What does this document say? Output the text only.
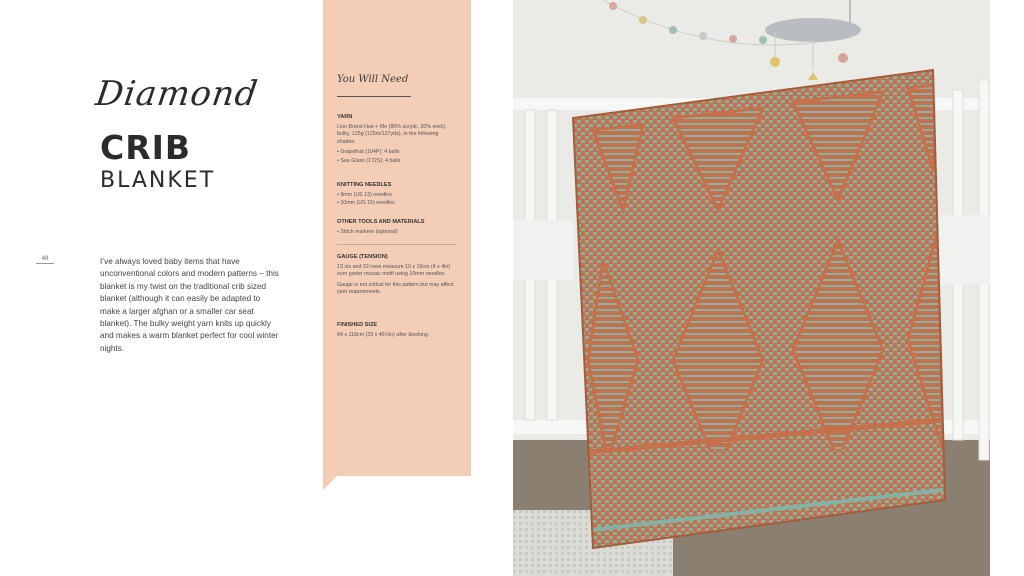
Diamond
CRIB
BLANKET
48	I’ve always loved baby items that have unconventional colors and modern patterns – this blanket is my twist on the traditional crib sized blanket (although it can easily be adapted to make a larger afghan or a smaller car seat blanket). The bulky weight yarn knits up quickly and makes a warm blanket perfect for cool winter nights.
You Will Need
YARN
Lion Brand Hue + Me (80% acrylic, 20% wool), bulky, 125g (125m/137yds), in the following shades:
• Grapefruit (104P); 4 balls
• Sea Glass (172S); 4 balls
KNITTING NEEDLES
• 9mm (US 13) needles
• 10mm (US 15) needles
OTHER TOOLS AND MATERIALS
• Stitch markers (optional)
GAUGE (TENSION)
13 sts and 22 rows measure 10 x 10cm (4 x 4in) over garter mosaic motif using 10mm needles.
Gauge is not critical for this pattern but may affect yarn requirements.
FINISHED SIZE
84 x 118cm (33 x 46½in) after blocking.
